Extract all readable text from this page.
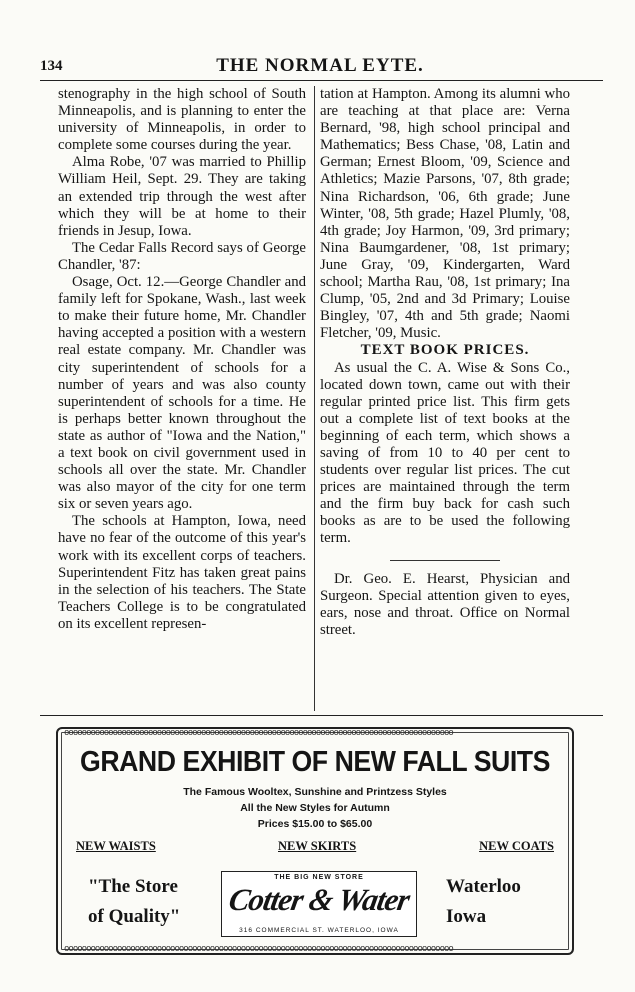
134	THE NORMAL EYTE.

stenography in the high school of South Minneapolis, and is planning to enter the university of Minneapolis, in order to complete some courses during the year.

Alma Robe, '07 was married to Phillip William Heil, Sept. 29. They are taking an extended trip through the west after which they will be at home to their friends in Jesup, Iowa.

The Cedar Falls Record says of George Chandler, '87:

Osage, Oct. 12.—George Chandler and family left for Spokane, Wash., last week to make their future home, Mr. Chandler having accepted a position with a western real estate company. Mr. Chandler was city superintendent of schools for a number of years and was also county superintendent of schools for a time. He is perhaps better known throughout the state as author of "Iowa and the Nation," a text book on civil government used in schools all over the state. Mr. Chandler was also mayor of the city for one term six or seven years ago.

The schools at Hampton, Iowa, need have no fear of the outcome of this year's work with its excellent corps of teachers. Superintendent Fitz has taken great pains in the selection of his teachers. The State Teachers College is to be congratulated on its excellent represen-

tation at Hampton. Among its alumni who are teaching at that place are: Verna Bernard, '98, high school principal and Mathematics; Bess Chase, '08, Latin and German; Ernest Bloom, '09, Science and Athletics; Mazie Parsons, '07, 8th grade; Nina Richardson, '06, 6th grade; June Winter, '08, 5th grade; Hazel Plumly, '08, 4th grade; Joy Harmon, '09, 3rd primary; Nina Baumgardener, '08, 1st primary; June Gray, '09, Kindergarten, Ward school; Martha Rau, '08, 1st primary; Ina Clump, '05, 2nd and 3d Primary; Louise Bingley, '07, 4th and 5th grade; Naomi Fletcher, '09, Music.

TEXT BOOK PRICES.

As usual the C. A. Wise & Sons Co., located down town, came out with their regular printed price list. This firm gets out a complete list of text books at the beginning of each term, which shows a saving of from 10 to 40 per cent to students over regular list prices. The cut prices are maintained through the term and the firm buy back for cash such books as are to be used the following term.

Dr. Geo. E. Hearst, Physician and Surgeon. Special attention given to eyes, ears, nose and throat. Office on Normal street.

oooooooooooooooooooooooooooooooooooooooooooooooooooooooooooooooooooooooooooooooooooooooo
oooooooooooooooooooooooooooooooooooooooooooooooooooooooooooooooooooooooooooooooooooooooo
GRAND EXHIBIT OF NEW FALL SUITS
The Famous Wooltex, Sunshine and Printzess Styles
All the New Styles for Autumn
Prices $15.00 to $65.00
NEW WAISTS	NEW SKIRTS	NEW COATS
"The Store
of Quality"
THE BIG NEW STORE
Cotter & Water
316 COMMERCIAL ST. WATERLOO, IOWA
Waterloo
Iowa
